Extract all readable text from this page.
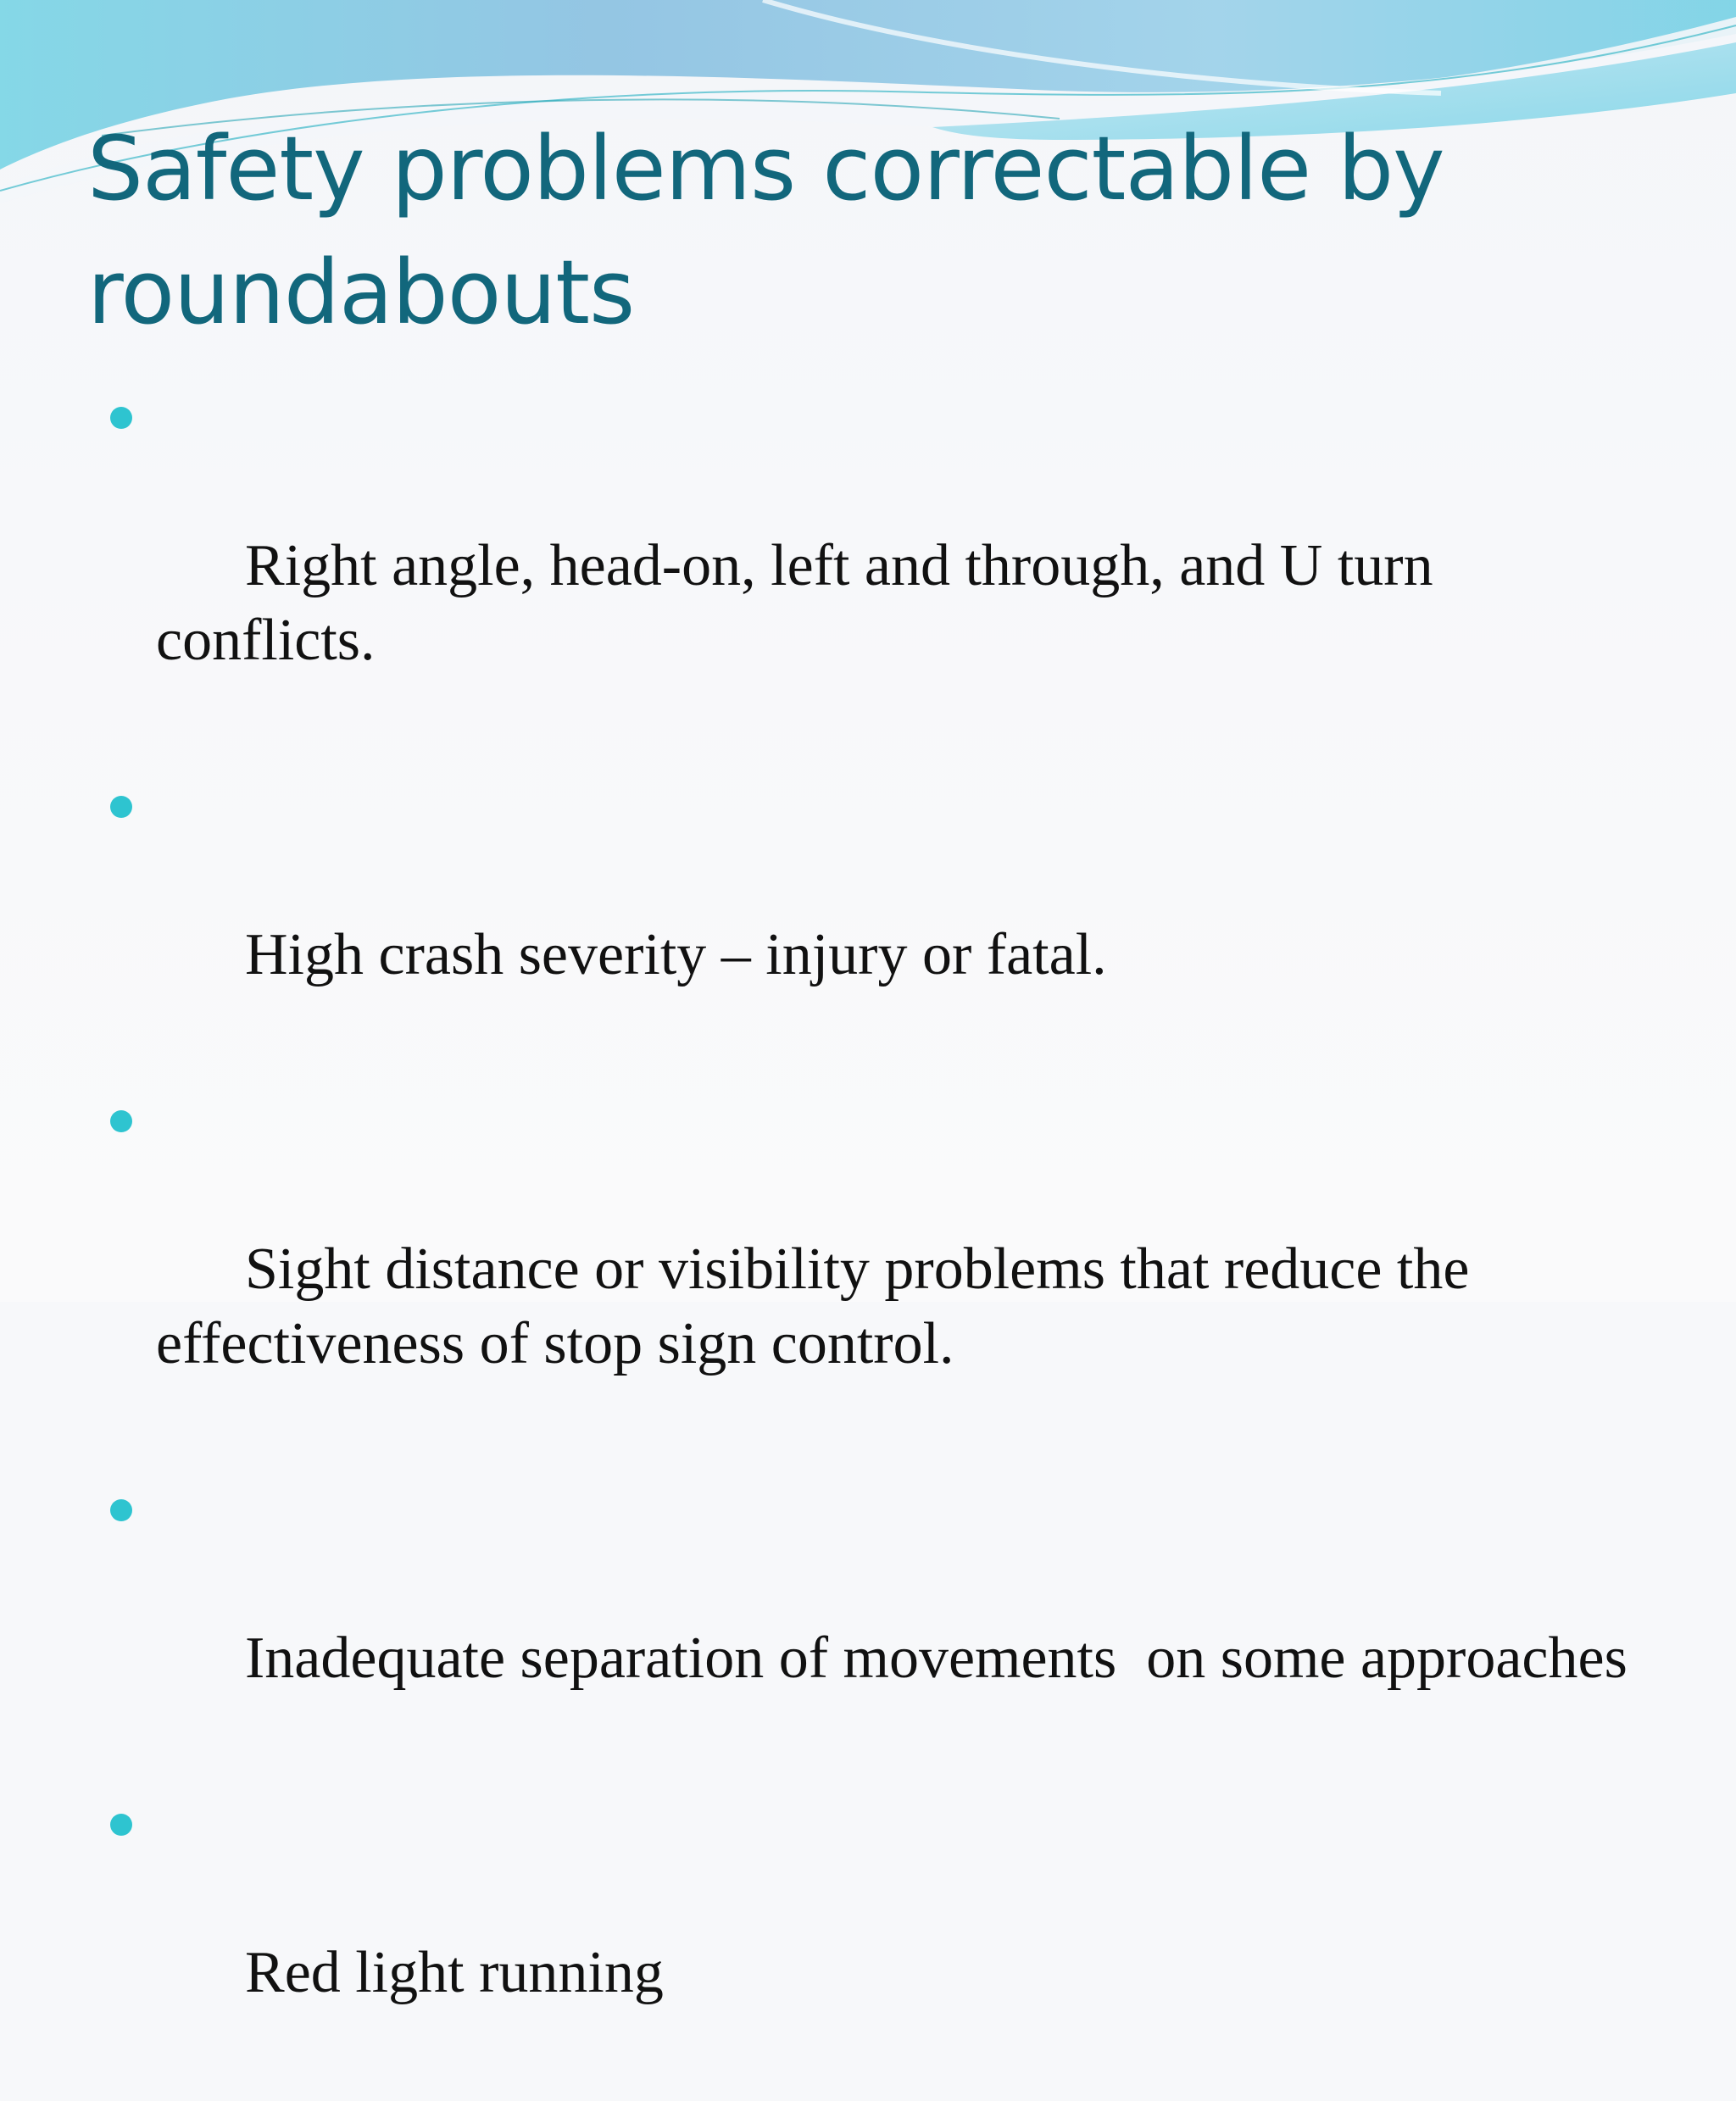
Safety problems correctable by roundabouts

Right angle, head-on, left and through, and U turn conflicts.

High crash severity – injury or fatal.

Sight distance or visibility problems that reduce the effectiveness of stop sign control.

Inadequate separation of movements  on some approaches

Red light running
